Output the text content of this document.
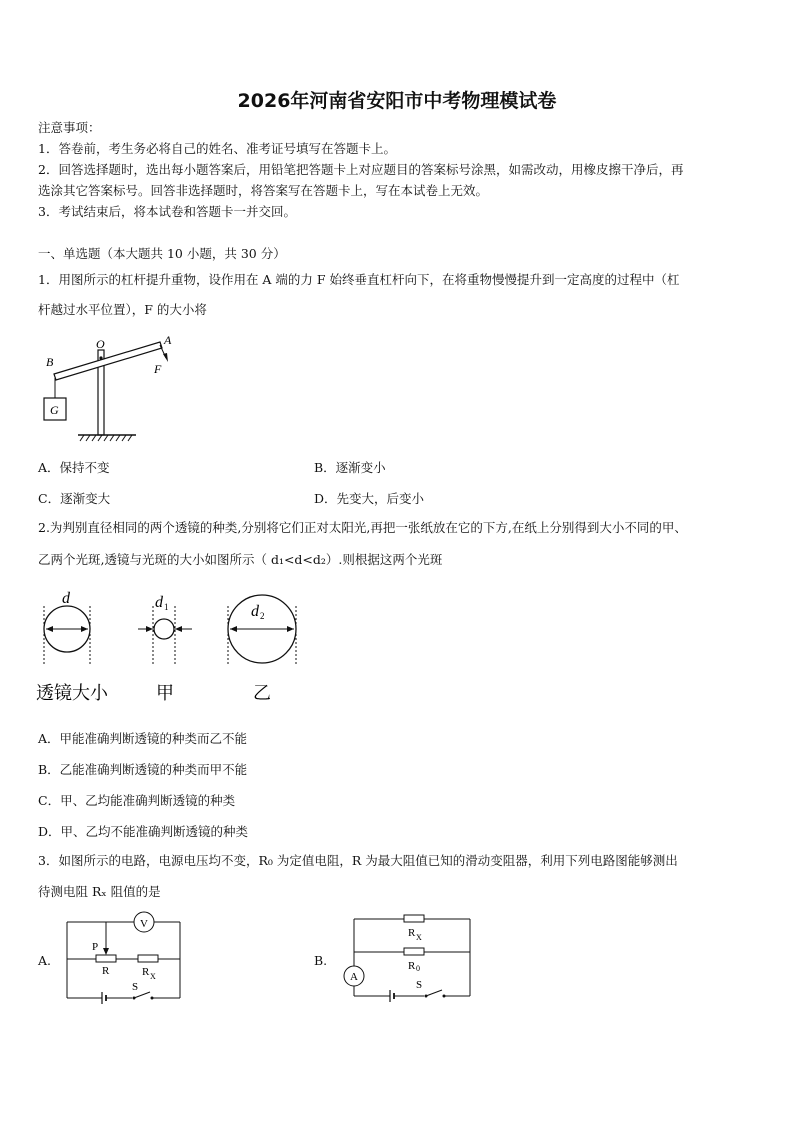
2026年河南省安阳市中考物理模试卷
注意事项：
1．答卷前，考生务必将自己的姓名、准考证号填写在答题卡上。
2．回答选择题时，选出每小题答案后，用铅笔把答题卡上对应题目的答案标号涂黑，如需改动，用橡皮擦干净后，再
选涂其它答案标号。回答非选择题时，将答案写在答题卡上，写在本试卷上无效。
3．考试结束后，将本试卷和答题卡一并交回。
一、单选题（本大题共 10 小题，共 30 分）
1．用图所示的杠杆提升重物，设作用在 A 端的力 F 始终垂直杠杆向下，在将重物慢慢提升到一定高度的过程中（杠
杆越过水平位置），F 的大小将
O	A
B	F
G
A．保持不变	B．逐渐变小
C．逐渐变大	D．先变大，后变小
2.为判别直径相同的两个透镜的种类,分别将它们正对太阳光,再把一张纸放在它的下方,在纸上分别得到大小不同的甲、
乙两个光斑,透镜与光斑的大小如图所示（ d₁<d<d₂）.则根据这两个光斑
d	d 1	d 2
透镜大小	甲	乙
A．甲能准确判断透镜的种类而乙不能
B．乙能准确判断透镜的种类而甲不能
C．甲、乙均能准确判断透镜的种类
D．甲、乙均不能准确判断透镜的种类
3．如图所示的电路，电源电压均不变，R₀ 为定值电阻，R 为最大阻值已知的滑动变阻器，利用下列电路图能够测出
待测电阻 Rₓ 阻值的是
A.
V
P
R	R X
S
B.
R X
R 0
A
S
